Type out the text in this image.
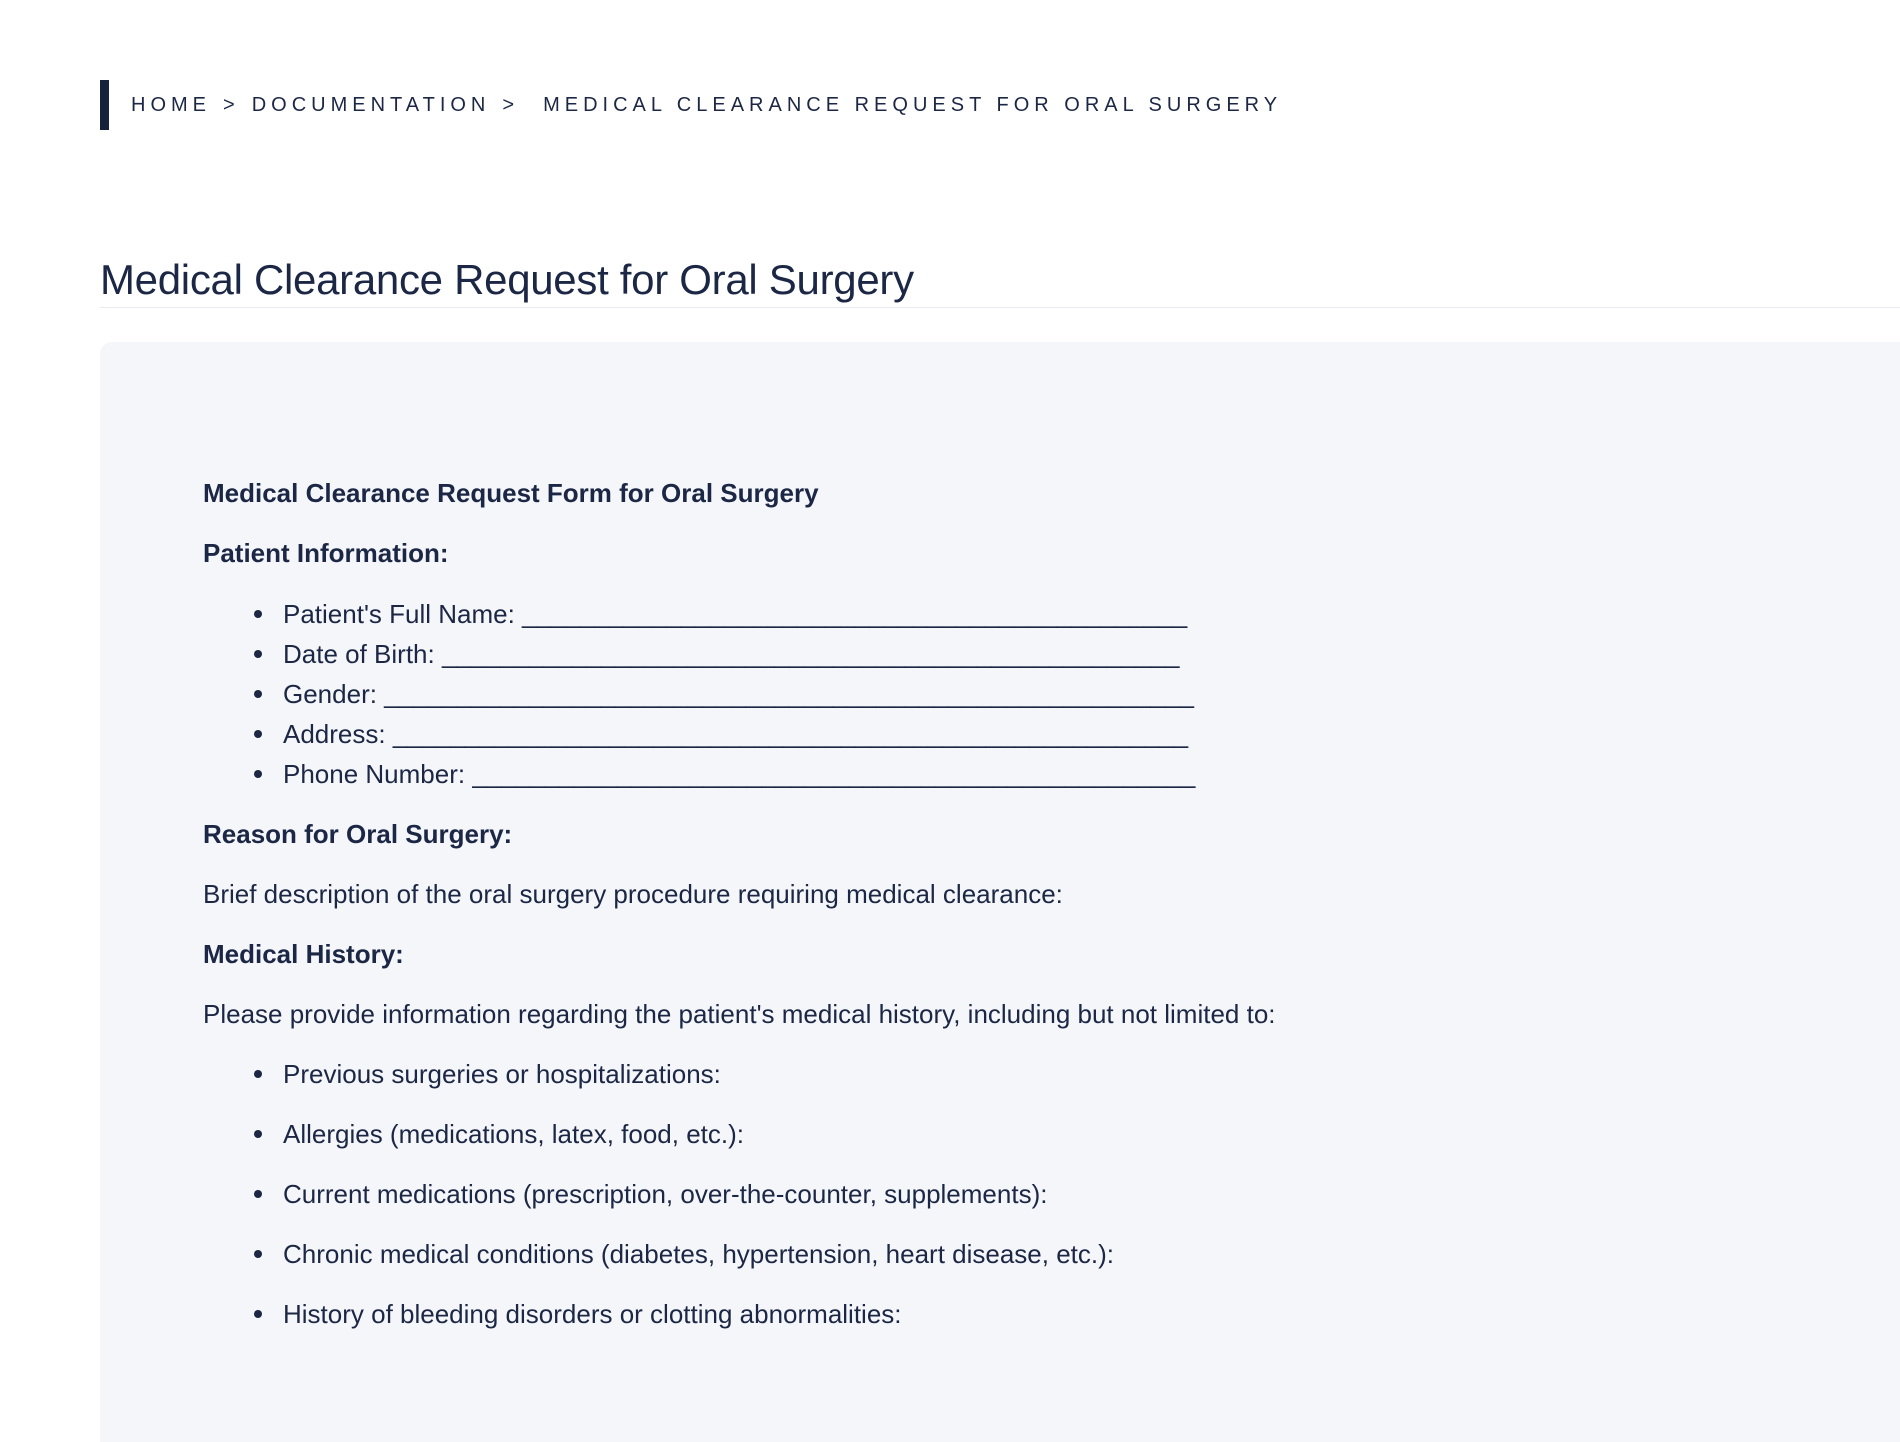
HOME > DOCUMENTATION > MEDICAL CLEARANCE REQUEST FOR ORAL SURGERY
Medical Clearance Request for Oral Surgery

Medical Clearance Request Form for Oral Surgery

Patient Information:

Patient's Full Name: ______________________________________________
Date of Birth: ___________________________________________________
Gender: ________________________________________________________
Address: _______________________________________________________
Phone Number: __________________________________________________

Reason for Oral Surgery:

Brief description of the oral surgery procedure requiring medical clearance:

Medical History:

Please provide information regarding the patient's medical history, including but not limited to:

Previous surgeries or hospitalizations:
Allergies (medications, latex, food, etc.):
Current medications (prescription, over-the-counter, supplements):
Chronic medical conditions (diabetes, hypertension, heart disease, etc.):
History of bleeding disorders or clotting abnormalities:
